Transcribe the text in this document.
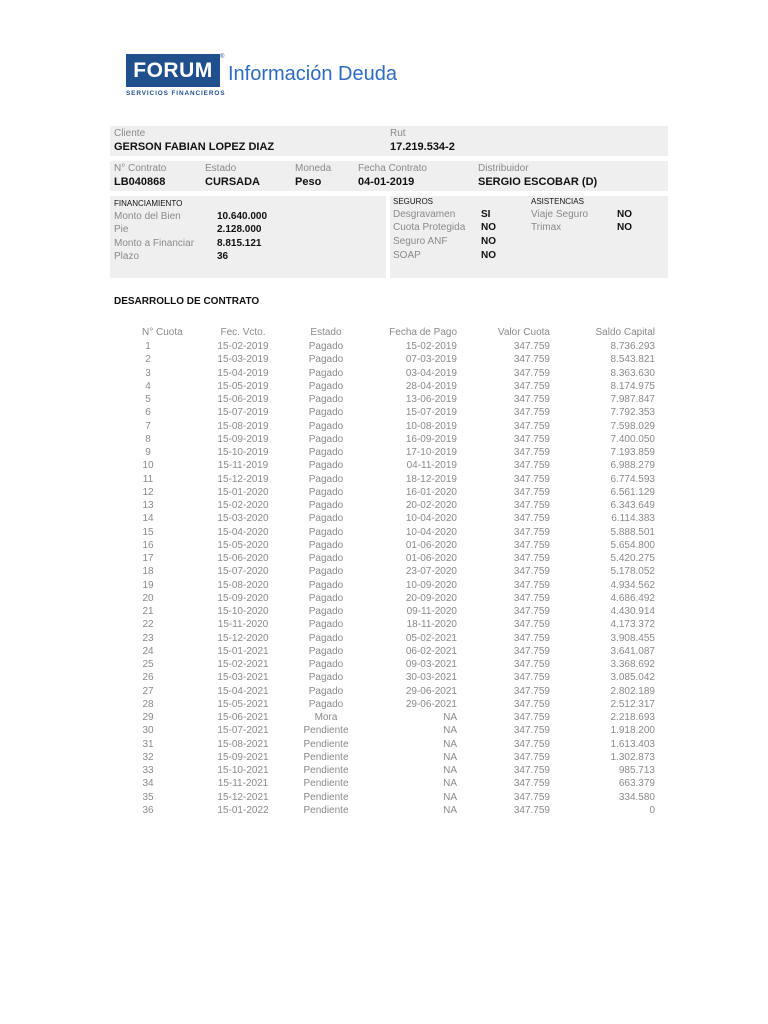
FORUM
®
SERVICIOS FINANCIEROS
Información Deuda
Cliente
GERSON FABIAN LOPEZ DIAZ
Rut
17.219.534-2
N° Contrato
LB040868
Estado
CURSADA
Moneda
Peso
Fecha Contrato
04-01-2019
Distribuidor
SERGIO ESCOBAR (D)
FINANCIAMIENTO
Monto del Bien	10.640.000
Pie	2.128.000
Monto a Financiar 8.815.121
Plazo	36
SEGUROS
Desgravamen	SI
Cuota Protegida NO
Seguro ANF	NO
SOAP	NO
ASISTENCIAS
Viaje Seguro	NO
Trimax	NO
DESARROLLO DE CONTRATO
N° Cuota	Fec. Vcto.	Estado	Fecha de Pago	Valor Cuota	Saldo Capital
1	15-02-2019	Pagado	15-02-2019	347.759	8.736.293
2	15-03-2019	Pagado	07-03-2019	347.759	8.543.821
3	15-04-2019	Pagado	03-04-2019	347.759	8.363.630
4	15-05-2019	Pagado	28-04-2019	347.759	8.174.975
5	15-06-2019	Pagado	13-06-2019	347.759	7.987.847
6	15-07-2019	Pagado	15-07-2019	347.759	7.792.353
7	15-08-2019	Pagado	10-08-2019	347.759	7.598.029
8	15-09-2019	Pagado	16-09-2019	347.759	7.400.050
9	15-10-2019	Pagado	17-10-2019	347.759	7.193.859
10	15-11-2019	Pagado	04-11-2019	347.759	6.988.279
11	15-12-2019	Pagado	18-12-2019	347.759	6.774.593
12	15-01-2020	Pagado	16-01-2020	347.759	6.561.129
13	15-02-2020	Pagado	20-02-2020	347.759	6.343.649
14	15-03-2020	Pagado	10-04-2020	347.759	6.114.383
15	15-04-2020	Pagado	10-04-2020	347.759	5.888.501
16	15-05-2020	Pagado	01-06-2020	347.759	5.654.800
17	15-06-2020	Pagado	01-06-2020	347.759	5.420.275
18	15-07-2020	Pagado	23-07-2020	347.759	5.178.052
19	15-08-2020	Pagado	10-09-2020	347.759	4.934.562
20	15-09-2020	Pagado	20-09-2020	347.759	4.686.492
21	15-10-2020	Pagado	09-11-2020	347.759	4.430.914
22	15-11-2020	Pagado	18-11-2020	347.759	4.173.372
23	15-12-2020	Pagado	05-02-2021	347.759	3.908.455
24	15-01-2021	Pagado	06-02-2021	347.759	3.641.087
25	15-02-2021	Pagado	09-03-2021	347.759	3.368.692
26	15-03-2021	Pagado	30-03-2021	347.759	3.085.042
27	15-04-2021	Pagado	29-06-2021	347.759	2.802.189
28	15-05-2021	Pagado	29-06-2021	347.759	2.512.317
29	15-06-2021	Mora	NA	347.759	2.218.693
30	15-07-2021	Pendiente	NA	347.759	1.918.200
31	15-08-2021	Pendiente	NA	347.759	1.613.403
32	15-09-2021	Pendiente	NA	347.759	1.302.873
33	15-10-2021	Pendiente	NA	347.759	985.713
34	15-11-2021	Pendiente	NA	347.759	663.379
35	15-12-2021	Pendiente	NA	347.759	334.580
36	15-01-2022	Pendiente	NA	347.759	0
